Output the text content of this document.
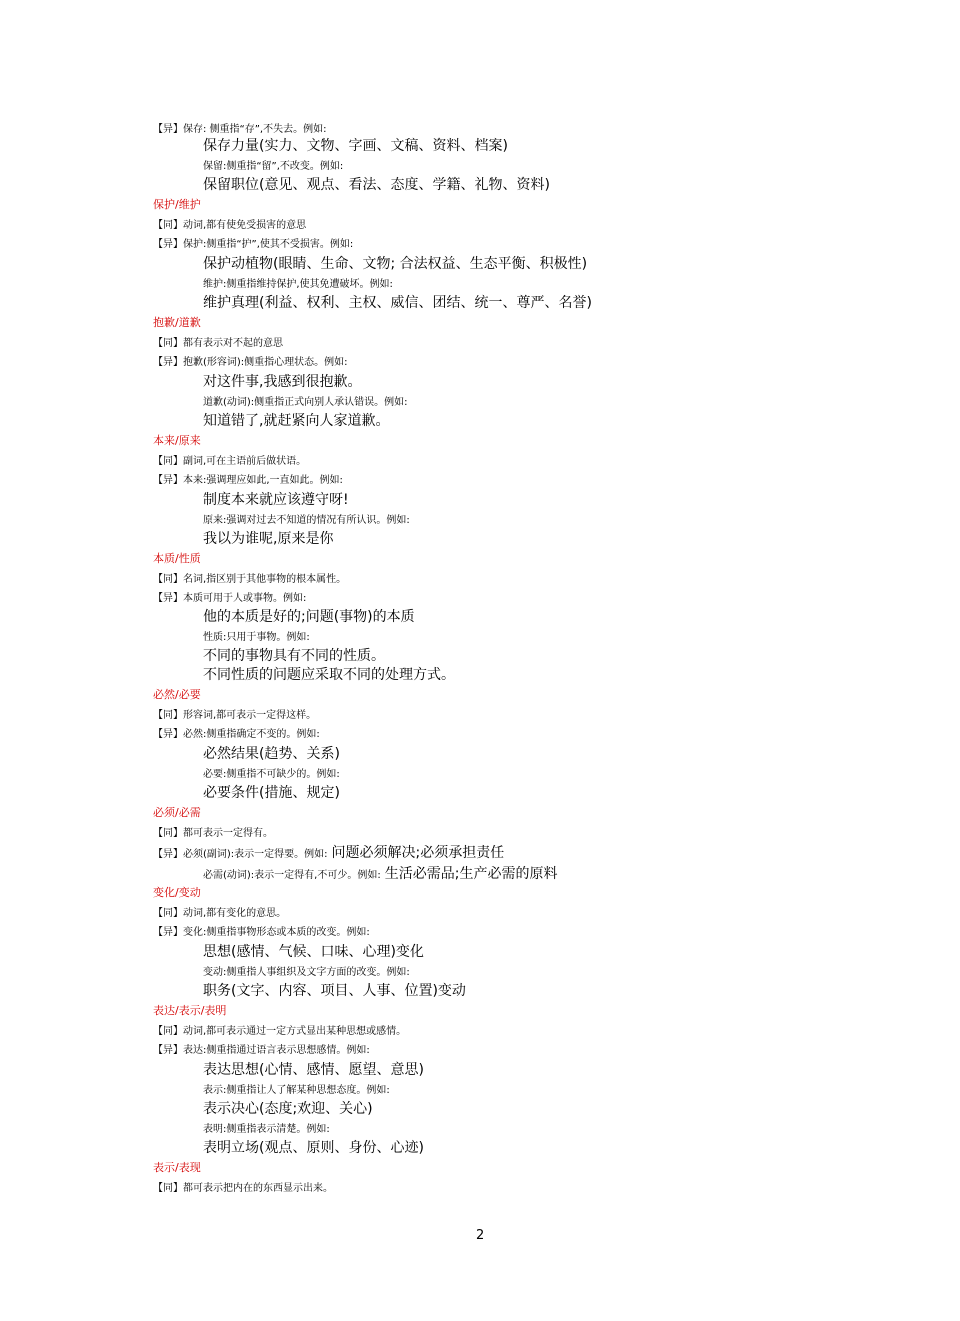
【异】保存: 侧重指“存”,不失去。例如:
保存力量(实力、文物、字画、文稿、资料、档案)
保留:侧重指“留”,不改变。例如:
保留职位(意见、观点、看法、态度、学籍、礼物、资料)
保护/维护
【同】动词,都有使免受损害的意思
【异】保护:侧重指“护”,使其不受损害。例如:
保护动植物(眼睛、生命、文物; 合法权益、生态平衡、积极性)
维护:侧重指维持保护,使其免遭破坏。例如:
维护真理(利益、权利、主权、威信、团结、统一、尊严、名誉)
抱歉/道歉
【同】都有表示对不起的意思
【异】抱歉(形容词):侧重指心理状态。例如:
对这件事,我感到很抱歉。
道歉(动词):侧重指正式向别人承认错误。例如:
知道错了,就赶紧向人家道歉。
本来/原来
【同】副词,可在主语前后做状语。
【异】本来:强调理应如此,一直如此。例如:
制度本来就应该遵守呀!
原来:强调对过去不知道的情况有所认识。例如:
我以为谁呢,原来是你
本质/性质
【同】名词,指区别于其他事物的根本属性。
【异】本质可用于人或事物。例如:
他的本质是好的;问题(事物)的本质
性质:只用于事物。例如:
不同的事物具有不同的性质。
不同性质的问题应采取不同的处理方式。
必然/必要
【同】形容词,都可表示一定得这样。
【异】必然:侧重指确定不变的。例如:
必然结果(趋势、关系)
必要:侧重指不可缺少的。例如:
必要条件(措施、规定)
必须/必需
【同】都可表示一定得有。
【异】必须(副词):表示一定得要。例如: 问题必须解决;必须承担责任
必需(动词):表示一定得有,不可少。例如: 生活必需品;生产必需的原料
变化/变动
【同】动词,都有变化的意思。
【异】变化:侧重指事物形态或本质的改变。例如:
思想(感情、气候、口味、心理)变化
变动:侧重指人事组织及文字方面的改变。例如:
职务(文字、内容、项目、人事、位置)变动
表达/表示/表明
【同】动词,都可表示通过一定方式显出某种思想或感情。
【异】表达:侧重指通过语言表示思想感情。例如:
表达思想(心情、感情、愿望、意思)
表示:侧重指让人了解某种思想态度。例如:
表示决心(态度;欢迎、关心)
表明:侧重指表示清楚。例如:
表明立场(观点、原则、身份、心迹)
表示/表现
【同】都可表示把内在的东西显示出来。
2
